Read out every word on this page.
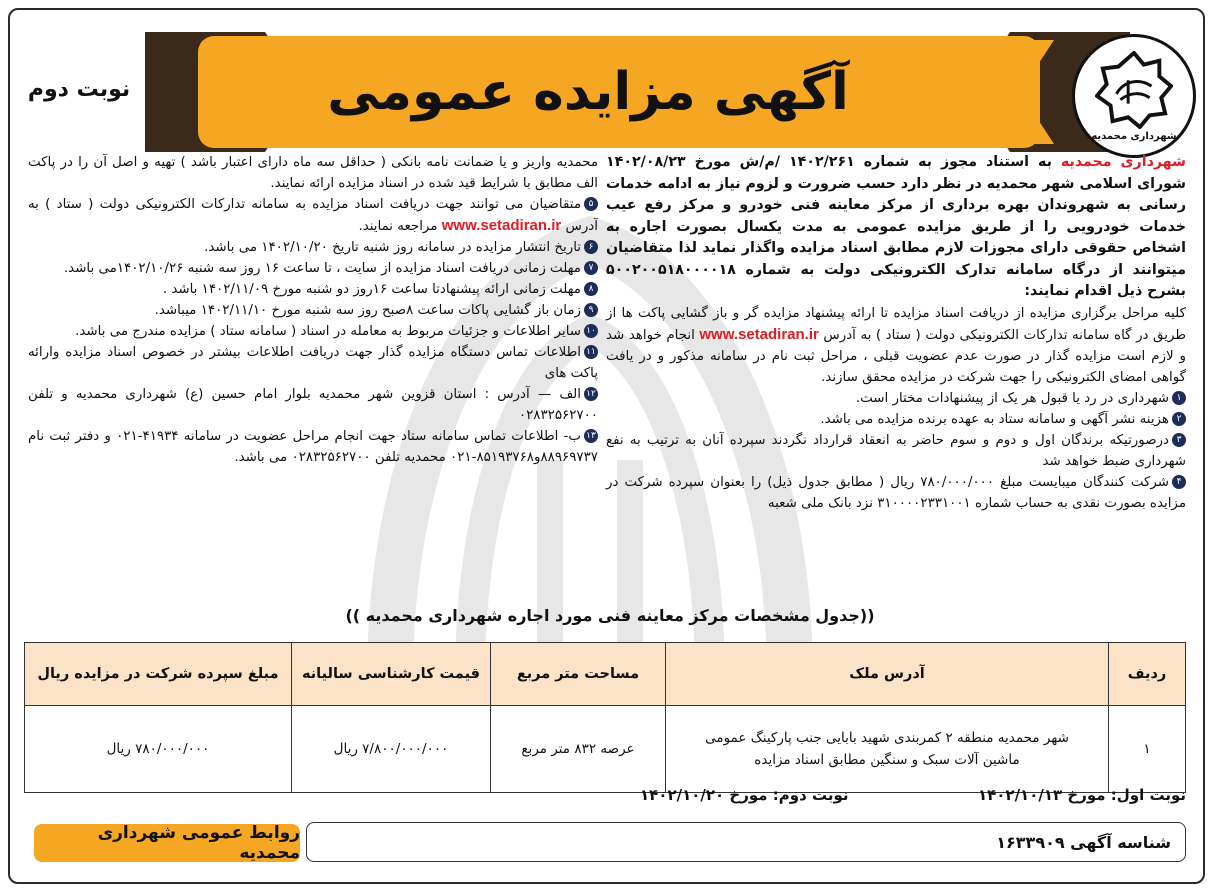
آگهی مزایده عمومی
نوبت دوم
شهرداری محمدیه

شهرداری محمدیه به استناد مجوز به شماره ۱۴۰۲/۲۶۱ /م/ش مورخ ۱۴۰۲/۰۸/۲۳ شورای اسلامی شهر محمدیه در نظر دارد حسب ضرورت و لزوم نیاز به ادامه خدمات رسانی به شهروندان بهره برداری از مرکز معاینه فنی خودرو و مرکز رفع عیب خدمات خودرویی را از طریق مزایده عمومی به مدت یکسال بصورت اجاره به اشخاص حقوقی دارای مجوزات لازم مطابق اسناد مزایده واگذار نماید لذا متقاضیان میتوانند از درگاه سامانه تدارک الکترونیکی دولت به شماره ۵۰۰۲۰۰۵۱۸۰۰۰۰۱۸ بشرح ذیل اقدام نمایند:

کلیه مراحل برگزاری مزایده از دریافت اسناد مزایده تا ارائه پیشنهاد مزایده گر و باز گشایی پاکت ها از طریق در گاه سامانه تدارکات الکترونیکی دولت ( ستاد ) به آدرس www.setadiran.ir انجام خواهد شد و لازم است مزایده گذار در صورت عدم عضویت قبلی ، مراحل ثبت نام در سامانه مذکور و در یافت گواهی امضای الکترونیکی را جهت شرکت در مزایده محقق سازند.

۱شهرداری در رد یا قبول هر یک از پیشنهادات مختار است.

۲هزینه نشر آگهی و سامانه ستاد به عهده برنده مزایده می باشد.

۳درصورتیکه برندگان اول و دوم و سوم حاضر به انعقاد قرارداد نگردند سپرده آنان به ترتیب به نفع شهرداری ضبط خواهد شد

۴شرکت کنندگان میبایست مبلغ ۷۸۰/۰۰۰/۰۰۰ ریال ( مطابق جدول ذیل) را بعنوان سپرده شرکت در مزایده بصورت نقدی به حساب شماره ۳۱۰۰۰۰۲۳۳۱۰۰۱ نزد بانک ملی شعبه

محمدیه واریز و یا ضمانت نامه بانکی ( حداقل سه ماه دارای اعتبار باشد ) تهیه و اصل آن را در پاکت الف مطابق با شرایط قید شده در اسناد مزایده ارائه نمایند.

۵متقاضیان می توانند جهت دریافت اسناد مزایده به سامانه تدارکات الکترونیکی دولت ( ستاد ) به آدرس www.setadiran.ir مراجعه نمایند.

۶تاریخ انتشار مزایده در سامانه روز شنبه تاریخ ۱۴۰۲/۱۰/۲۰ می باشد.

۷مهلت زمانی دریافت اسناد مزایده از سایت ، تا ساعت ۱۶ روز سه شنبه ۱۴۰۲/۱۰/۲۶می باشد.

۸مهلت زمانی ارائه پیشنهادتا ساعت ۱۶روز دو شنبه مورخ ۱۴۰۲/۱۱/۰۹ باشد .

۹زمان باز گشایی پاکات ساعت ۸صبح روز سه شنبه مورخ ۱۴۰۲/۱۱/۱۰ میباشد.

۱۰سایر اطلاعات و جزئیات مربوط به معامله در اسناد ( سامانه ستاد ) مزایده مندرج می باشد.

۱۱اطلاعات تماس دستگاه مزایده گذار جهت دریافت اطلاعات بیشتر در خصوص اسناد مزایده وارائه پاکت های

۱۲الف — آدرس : استان قزوین شهر محمدیه بلوار امام حسین (ع) شهرداری محمدیه و تلفن ۰۲۸۳۲۵۶۲۷۰۰

۱۳ب- اطلاعات تماس سامانه ستاد جهت انجام مراحل عضویت در سامانه ۴۱۹۳۴-۰۲۱ و دفتر ثبت نام ۸۸۹۶۹۷۳۷و۸۵۱۹۳۷۶۸-۰۲۱ محمدیه تلفن ۰۲۸۳۲۵۶۲۷۰۰ می باشد.

((جدول مشخصات مرکز معاینه فنی مورد اجاره شهرداری محمدیه ))
ردیف	آدرس ملک	مساحت متر مربع	قیمت کارشناسی سالیانه	مبلغ سپرده شرکت در مزایده ریال
۱	شهر محمدیه منطقه ۲ کمربندی شهید بابایی جنب پارکینگ عمومی
ماشین آلات سبک و سنگین مطابق اسناد مزایده	عرصه ۸۳۲ متر مربع	۷/۸۰۰/۰۰۰/۰۰۰ ریال	۷۸۰/۰۰۰/۰۰۰ ریال
نوبت اول: مورخ ۱۴۰۲/۱۰/۱۳
نوبت دوم: مورخ ۱۴۰۲/۱۰/۲۰
شناسه آگهی ۱۶۳۳۹۰۹
روابط عمومی شهرداری محمدیه
